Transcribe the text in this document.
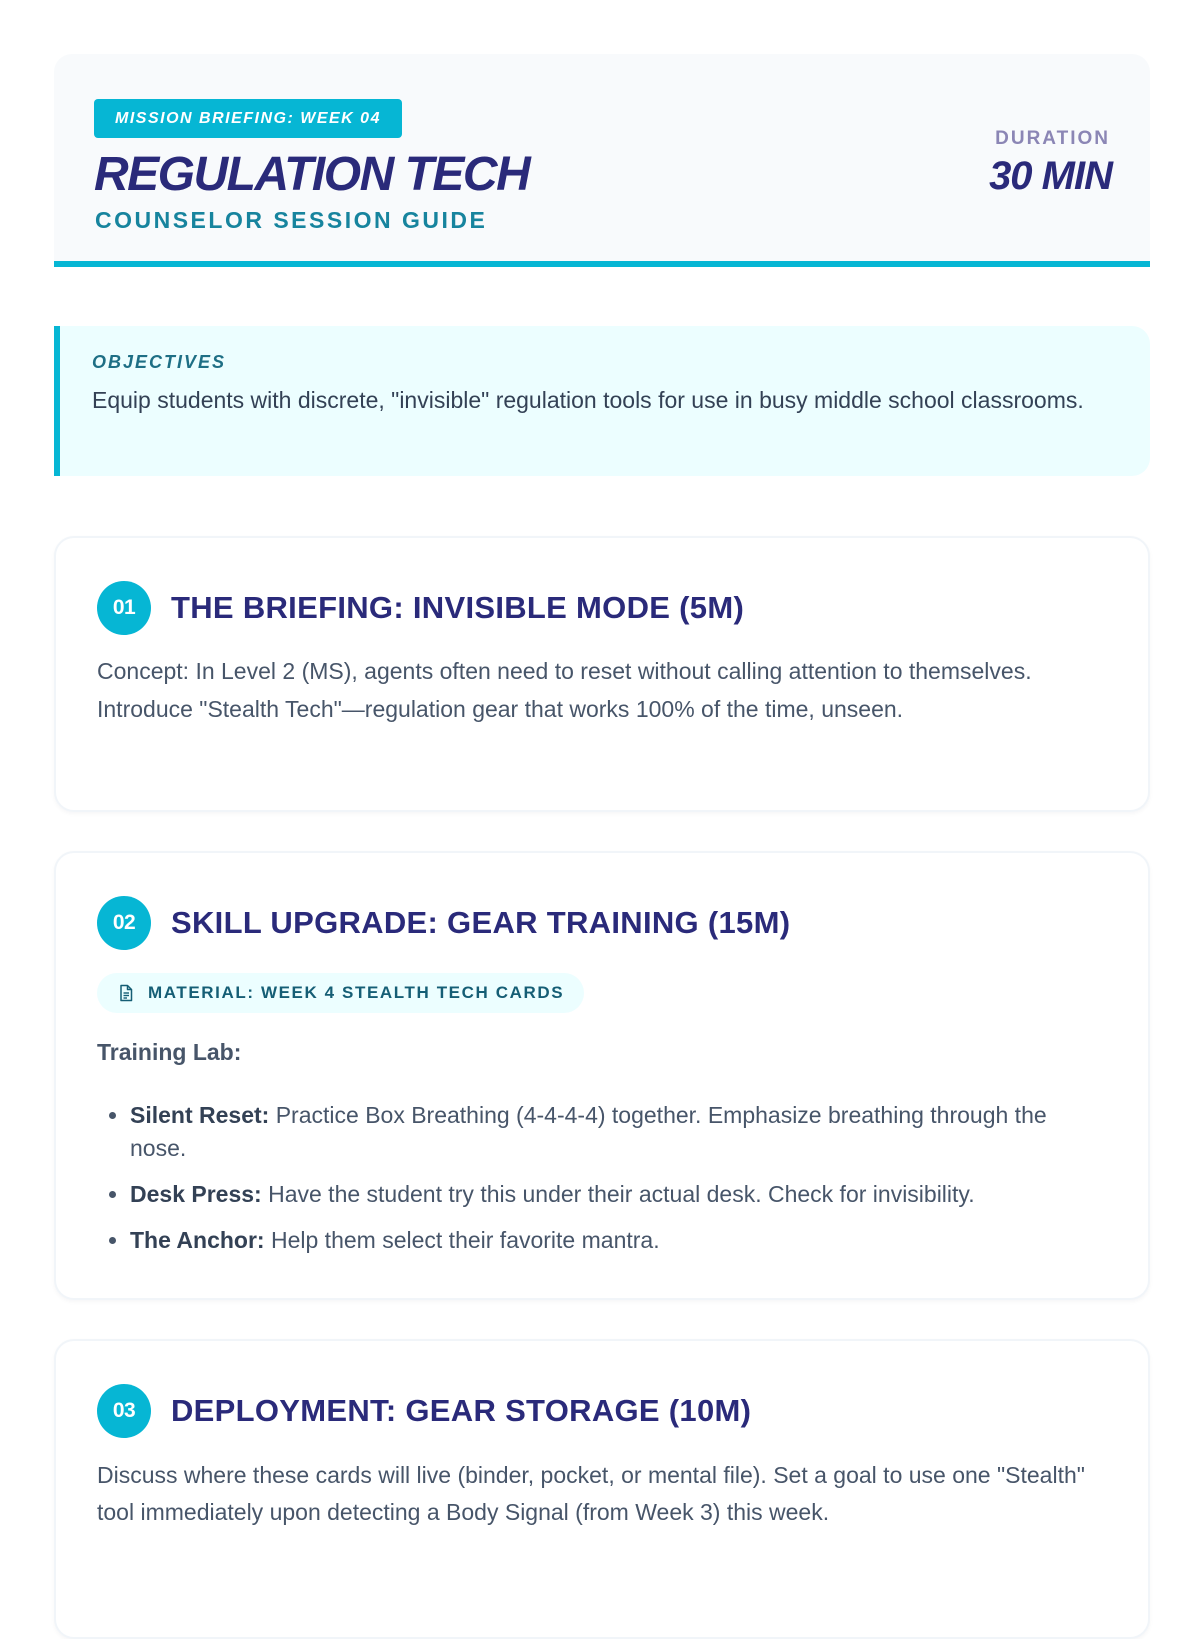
MISSION BRIEFING: WEEK 04
REGULATION TECH
COUNSELOR SESSION GUIDE
DURATION
30 MIN
OBJECTIVES
Equip students with discrete, "invisible" regulation tools for use in busy middle school classrooms.
01	THE BRIEFING: INVISIBLE MODE (5M)
Concept: In Level 2 (MS), agents often need to reset without calling attention to themselves. Introduce "Stealth Tech"—regulation gear that works 100% of the time, unseen.
02	SKILL UPGRADE: GEAR TRAINING (15M)
MATERIAL: WEEK 4 STEALTH TECH CARDS
Training Lab:
• Silent Reset: Practice Box Breathing (4-4-4-4) together. Emphasize breathing through the nose.
• Desk Press: Have the student try this under their actual desk. Check for invisibility.
• The Anchor: Help them select their favorite mantra.
03	DEPLOYMENT: GEAR STORAGE (10M)
Discuss where these cards will live (binder, pocket, or mental file). Set a goal to use one "Stealth" tool immediately upon detecting a Body Signal (from Week 3) this week.
